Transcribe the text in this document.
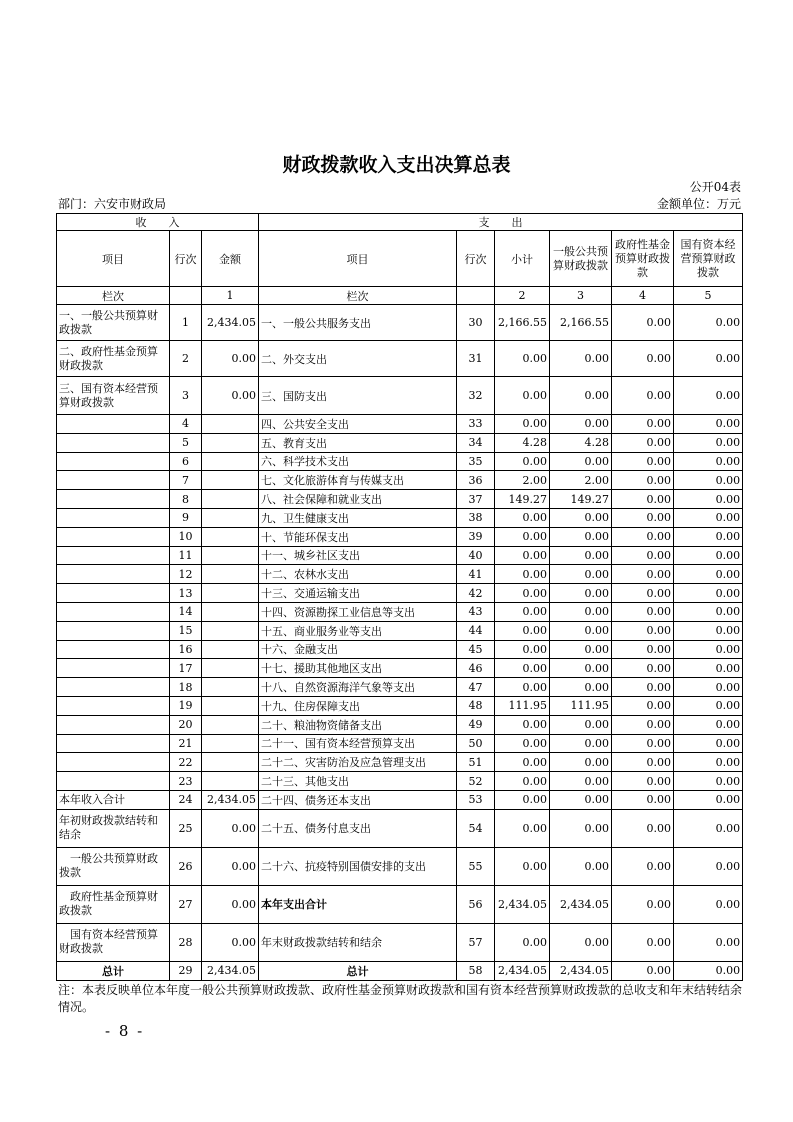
财政拨款收入支出决算总表
公开04表
部门：六安市财政局	金额单位：万元
收　　入			支　　出					
项目	行次	金额	项目	行次	小计	一般公共预算财政拨款	政府性基金预算财政拨款	国有资本经营预算财政拨款
栏次		1	栏次		2	3	4	5
一、一般公共预算财政拨款	1	2,434.05	一、一般公共服务支出	30	2,166.55	2,166.55	0.00	0.00
二、政府性基金预算财政拨款	2	0.00	二、外交支出	31	0.00	0.00	0.00	0.00
三、国有资本经营预算财政拨款	3	0.00	三、国防支出	32	0.00	0.00	0.00	0.00
	4		四、公共安全支出	33	0.00	0.00	0.00	0.00
	5		五、教育支出	34	4.28	4.28	0.00	0.00
	6		六、科学技术支出	35	0.00	0.00	0.00	0.00
	7		七、文化旅游体育与传媒支出	36	2.00	2.00	0.00	0.00
	8		八、社会保障和就业支出	37	149.27	149.27	0.00	0.00
	9		九、卫生健康支出	38	0.00	0.00	0.00	0.00
	10		十、节能环保支出	39	0.00	0.00	0.00	0.00
	11		十一、城乡社区支出	40	0.00	0.00	0.00	0.00
	12		十二、农林水支出	41	0.00	0.00	0.00	0.00
	13		十三、交通运输支出	42	0.00	0.00	0.00	0.00
	14		十四、资源勘探工业信息等支出	43	0.00	0.00	0.00	0.00
	15		十五、商业服务业等支出	44	0.00	0.00	0.00	0.00
	16		十六、金融支出	45	0.00	0.00	0.00	0.00
	17		十七、援助其他地区支出	46	0.00	0.00	0.00	0.00
	18		十八、自然资源海洋气象等支出	47	0.00	0.00	0.00	0.00
	19		十九、住房保障支出	48	111.95	111.95	0.00	0.00
	20		二十、粮油物资储备支出	49	0.00	0.00	0.00	0.00
	21		二十一、国有资本经营预算支出	50	0.00	0.00	0.00	0.00
	22		二十二、灾害防治及应急管理支出	51	0.00	0.00	0.00	0.00
	23		二十三、其他支出	52	0.00	0.00	0.00	0.00
本年收入合计	24	2,434.05	二十四、债务还本支出	53	0.00	0.00	0.00	0.00
年初财政拨款结转和结余	25	0.00	二十五、债务付息支出	54	0.00	0.00	0.00	0.00
　一般公共预算财政拨款	26	0.00	二十六、抗疫特别国债安排的支出	55	0.00	0.00	0.00	0.00
　政府性基金预算财政拨款	27	0.00	本年支出合计	56	2,434.05	2,434.05	0.00	0.00
　国有资本经营预算财政拨款	28	0.00	年末财政拨款结转和结余	57	0.00	0.00	0.00	0.00
总计	29	2,434.05	总计	58	2,434.05	2,434.05	0.00	0.00
注：本表反映单位本年度一般公共预算财政拨款、政府性基金预算财政拨款和国有资本经营预算财政拨款的总收支和年末结转结余情况。
- 8 -
